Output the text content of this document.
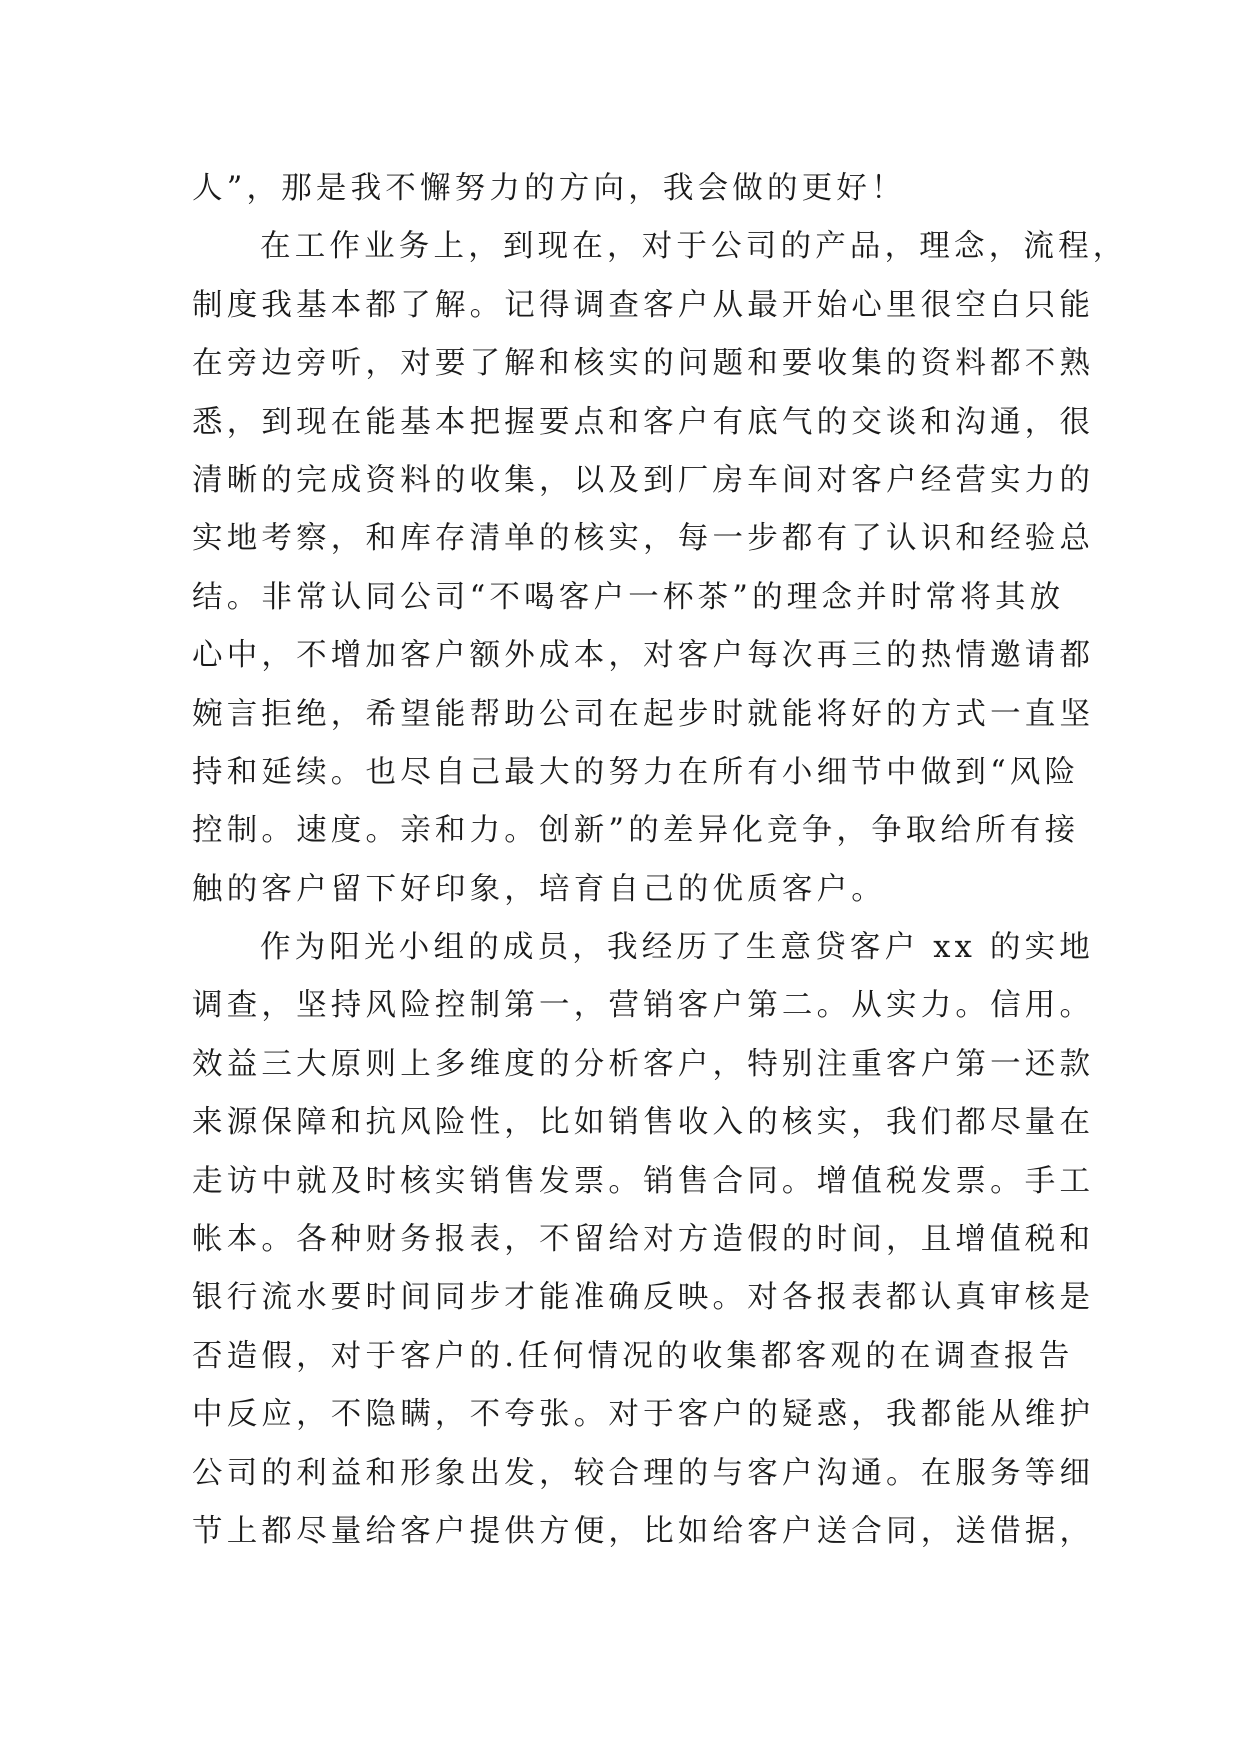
人”，那是我不懈努力的方向，我会做的更好！
在工作业务上，到现在，对于公司的产品，理念，流程，
制度我基本都了解。记得调查客户从最开始心里很空白只能
在旁边旁听，对要了解和核实的问题和要收集的资料都不熟
悉，到现在能基本把握要点和客户有底气的交谈和沟通，很
清晰的完成资料的收集，以及到厂房车间对客户经营实力的
实地考察，和库存清单的核实，每一步都有了认识和经验总
结。非常认同公司“不喝客户一杯茶”的理念并时常将其放
心中，不增加客户额外成本，对客户每次再三的热情邀请都
婉言拒绝，希望能帮助公司在起步时就能将好的方式一直坚
持和延续。也尽自己最大的努力在所有小细节中做到“风险
控制。速度。亲和力。创新”的差异化竞争，争取给所有接
触的客户留下好印象，培育自己的优质客户。
作为阳光小组的成员，我经历了生意贷客户 xx 的实地
调查，坚持风险控制第一，营销客户第二。从实力。信用。
效益三大原则上多维度的分析客户，特别注重客户第一还款
来源保障和抗风险性，比如销售收入的核实，我们都尽量在
走访中就及时核实销售发票。销售合同。增值税发票。手工
帐本。各种财务报表，不留给对方造假的时间，且增值税和
银行流水要时间同步才能准确反映。对各报表都认真审核是
否造假，对于客户的.任何情况的收集都客观的在调查报告
中反应，不隐瞒，不夸张。对于客户的疑惑，我都能从维护
公司的利益和形象出发，较合理的与客户沟通。在服务等细
节上都尽量给客户提供方便，比如给客户送合同，送借据，
